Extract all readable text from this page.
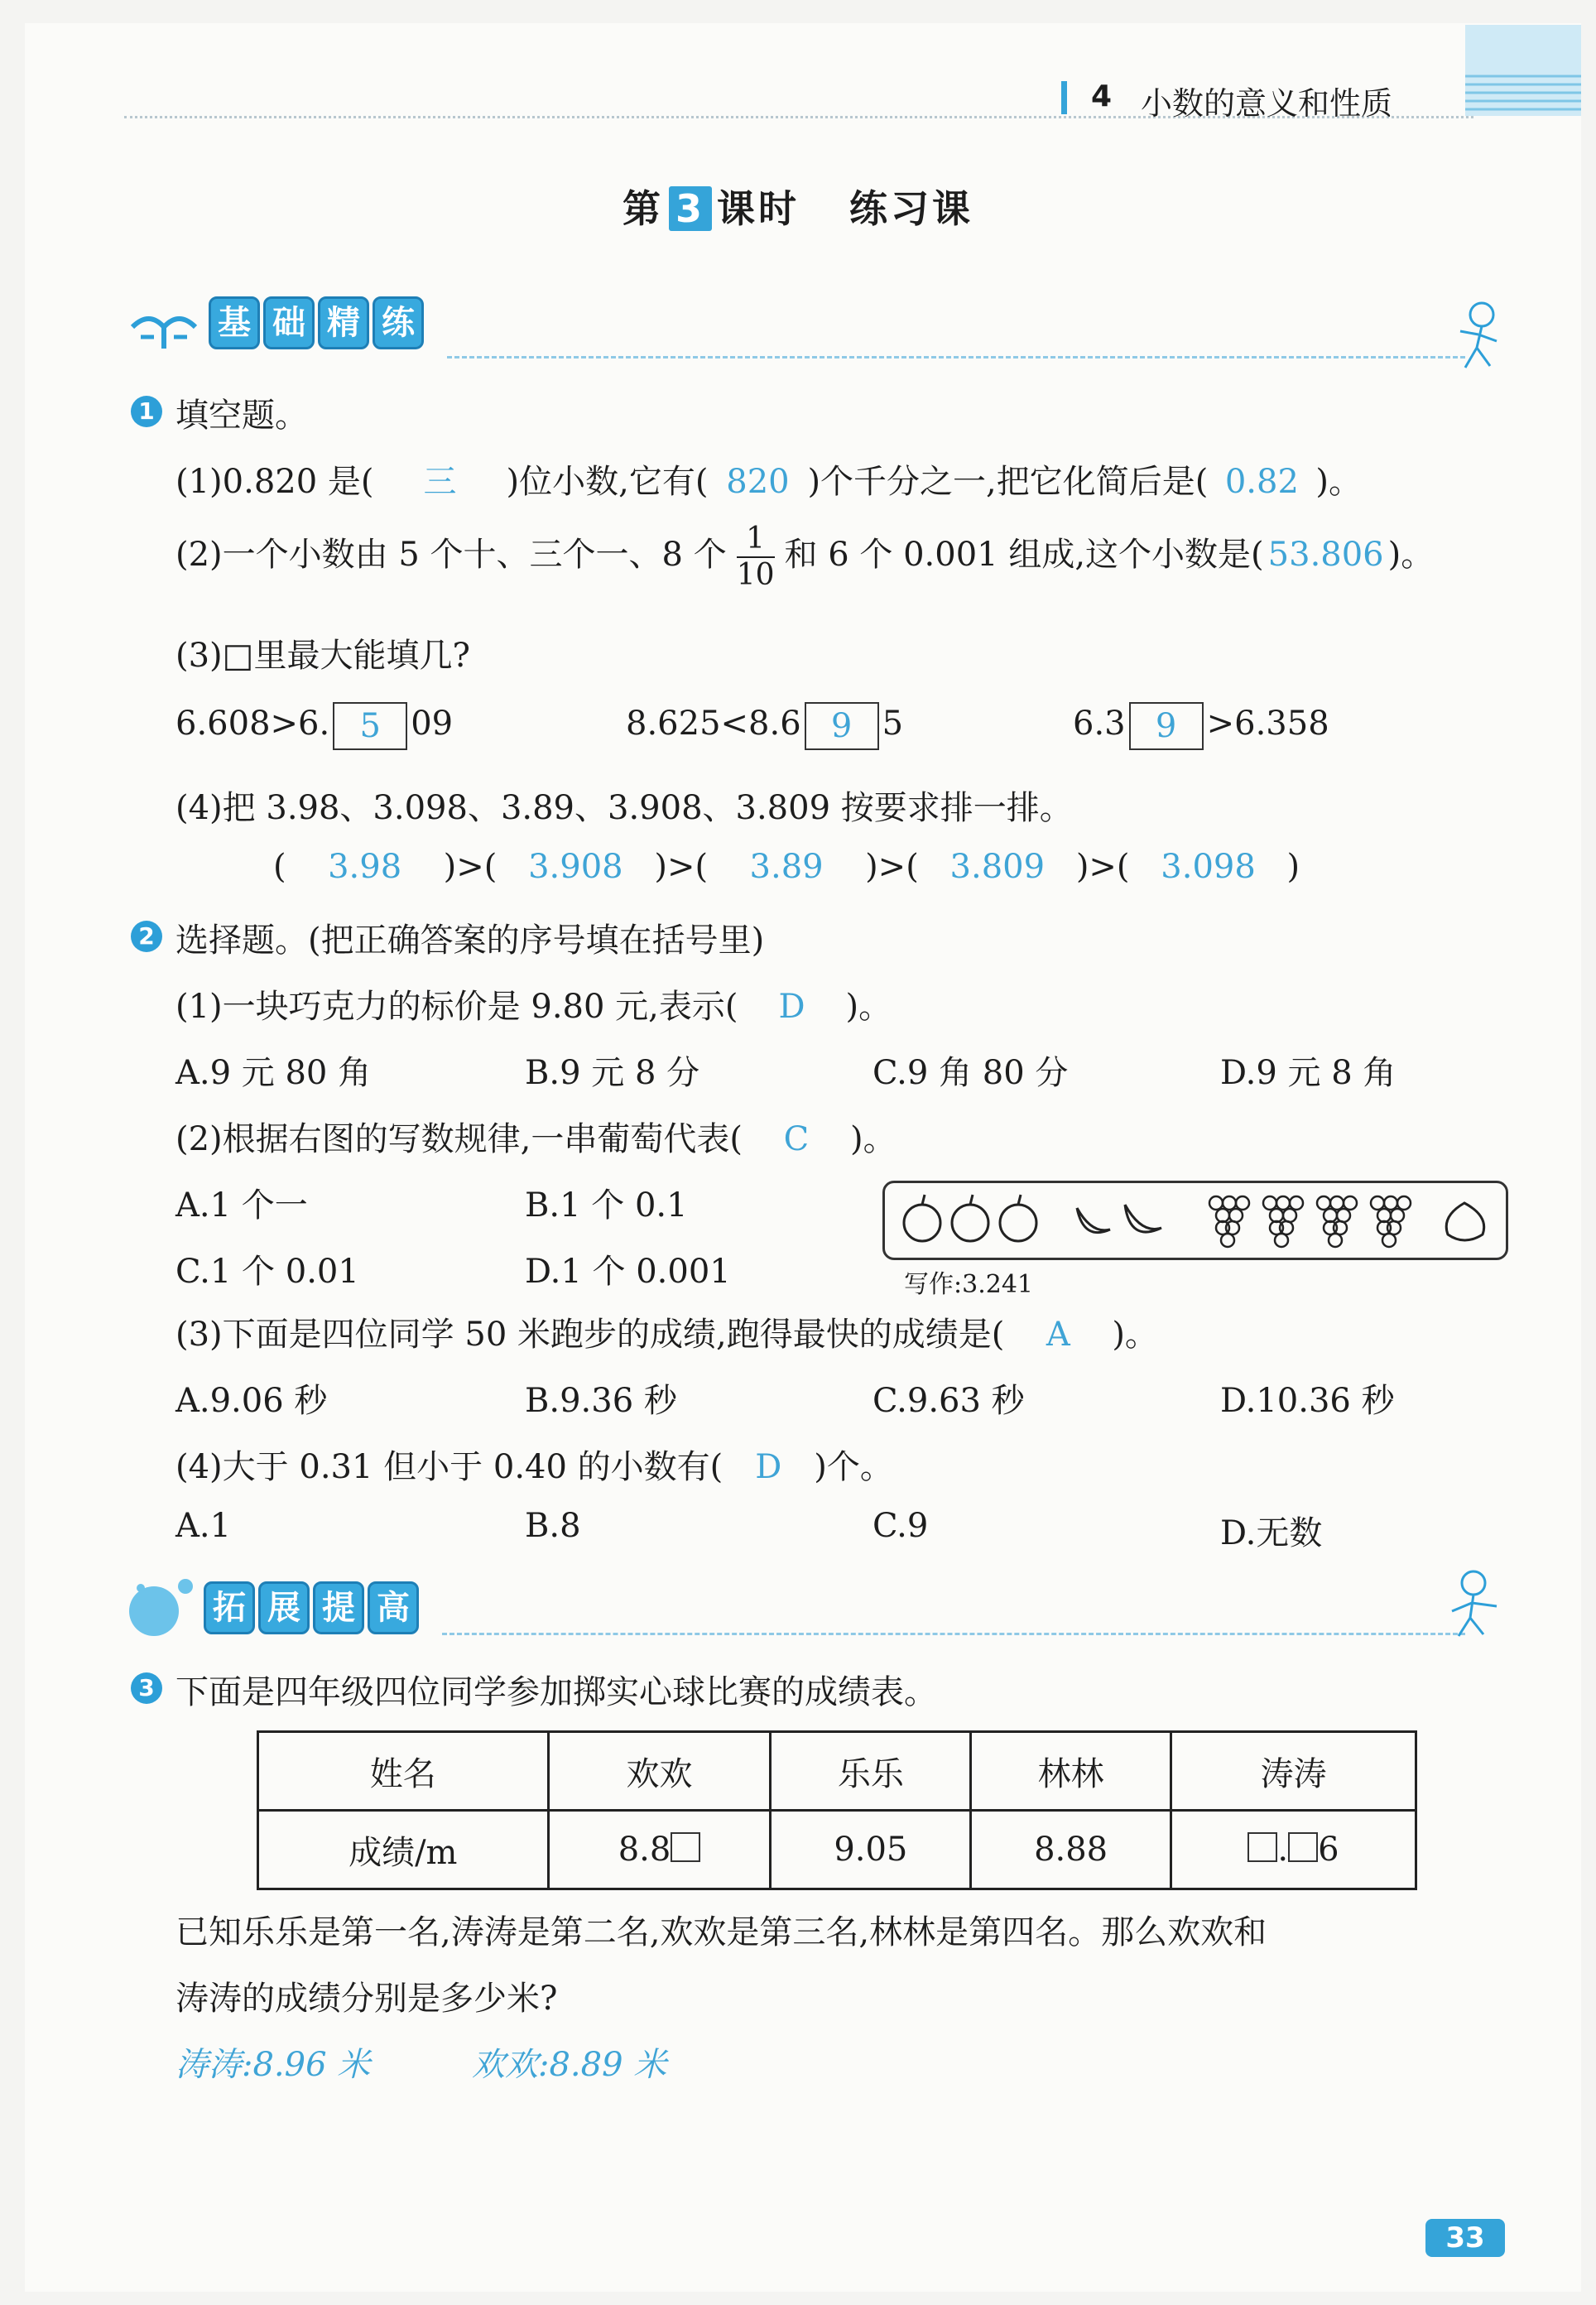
4 小数的意义和性质
第 3 课时 练习课
基 础 精 练
1 填空题。
(1)0.820 是( 三 )位小数,它有( 820 )个千分之一,把它化简后是( 0.82 )。
(2)一个小数由 5 个十、三个一、8 个 $\frac{1}{10}$ 和 6 个 0.001 组成,这个小数是( 53.806 )。
(3)□里最大能填几?
6.608>6. 5 09	8.625<8.6 9 5	6.3 9 >6.358
(4)把 3.98、3.098、3.89、3.908、3.809 按要求排一排。
( 3.98 )>( 3.908 )>( 3.89 )>( 3.809 )>( 3.098 )
2 选择题。(把正确答案的序号填在括号里)
(1)一块巧克力的标价是 9.80 元,表示( D )。
A.9 元 80 角	B.9 元 8 分	C.9 角 80 分	D.9 元 8 角
(2)根据右图的写数规律,一串葡萄代表( C )。
A.1 个一	B.1 个 0.1
C.1 个 0.01	D.1 个 0.001	写作:3.241
(3)下面是四位同学 50 米跑步的成绩,跑得最快的成绩是( A )。
A.9.06 秒	B.9.36 秒	C.9.63 秒	D.10.36 秒
(4)大于 0.31 但小于 0.40 的小数有( D )个。
A.1	B.8	C.9	D.无数
拓 展 提 高
3 下面是四年级四位同学参加掷实心球比赛的成绩表。
姓名	欢欢	乐乐	林林	涛涛
成绩/m	8.8	9.05	8.88	. 6
已知乐乐是第一名,涛涛是第二名,欢欢是第三名,林林是第四名。那么欢欢和
涛涛的成绩分别是多少米?
涛涛:8.96 米	欢欢:8.89 米
33
